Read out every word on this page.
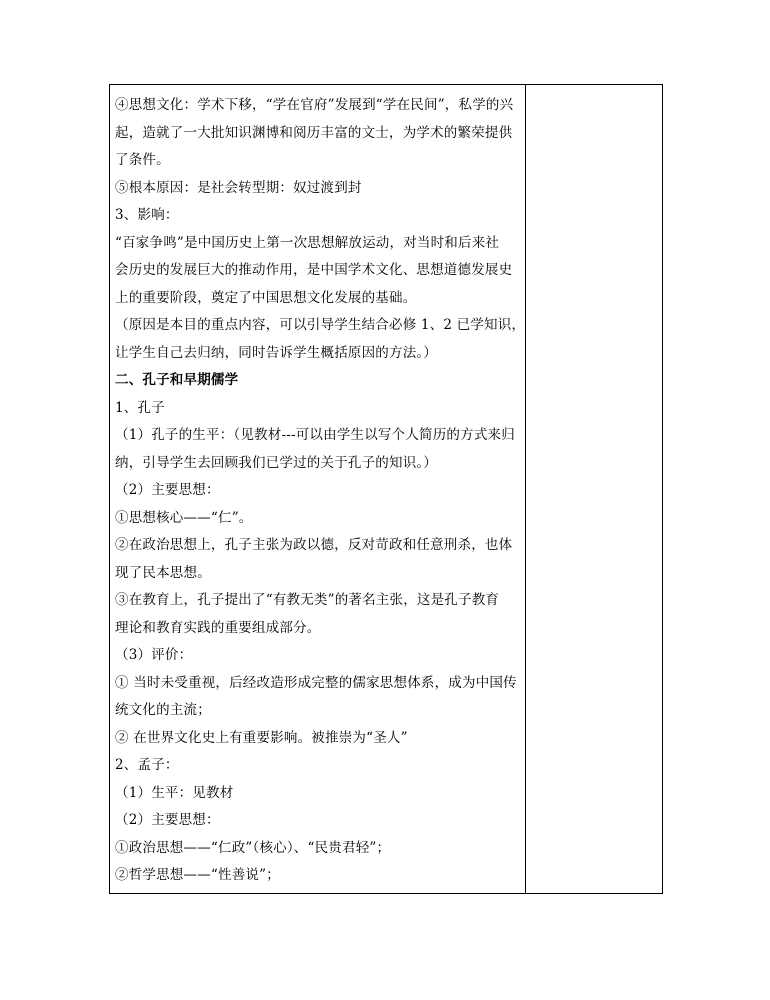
④思想文化：学术下移，“学在官府”发展到“学在民间”，私学的兴
起，造就了一大批知识渊博和阅历丰富的文士，为学术的繁荣提供
了条件。
⑤根本原因：是社会转型期：奴过渡到封
3、影响：
“百家争鸣”是中国历史上第一次思想解放运动，对当时和后来社
会历史的发展巨大的推动作用，是中国学术文化、思想道德发展史
上的重要阶段，奠定了中国思想文化发展的基础。
（原因是本目的重点内容，可以引导学生结合必修 1、2 已学知识，
让学生自己去归纳，同时告诉学生概括原因的方法。）
二、孔子和早期儒学
1、孔子
（1）孔子的生平：（见教材---可以由学生以写个人简历的方式来归
纳，引导学生去回顾我们已学过的关于孔子的知识。）
（2）主要思想：
①思想核心——“仁”。
②在政治思想上，孔子主张为政以德，反对苛政和任意刑杀，也体
现了民本思想。
③在教育上，孔子提出了“有教无类”的著名主张，这是孔子教育
理论和教育实践的重要组成部分。
（3）评价：
① 当时未受重视，后经改造形成完整的儒家思想体系，成为中国传
统文化的主流；
② 在世界文化史上有重要影响。被推崇为“圣人”
2、孟子：
（1）生平：见教材
（2）主要思想：
①政治思想——“仁政”（核心）、“民贵君轻”；
②哲学思想——“性善说”；
